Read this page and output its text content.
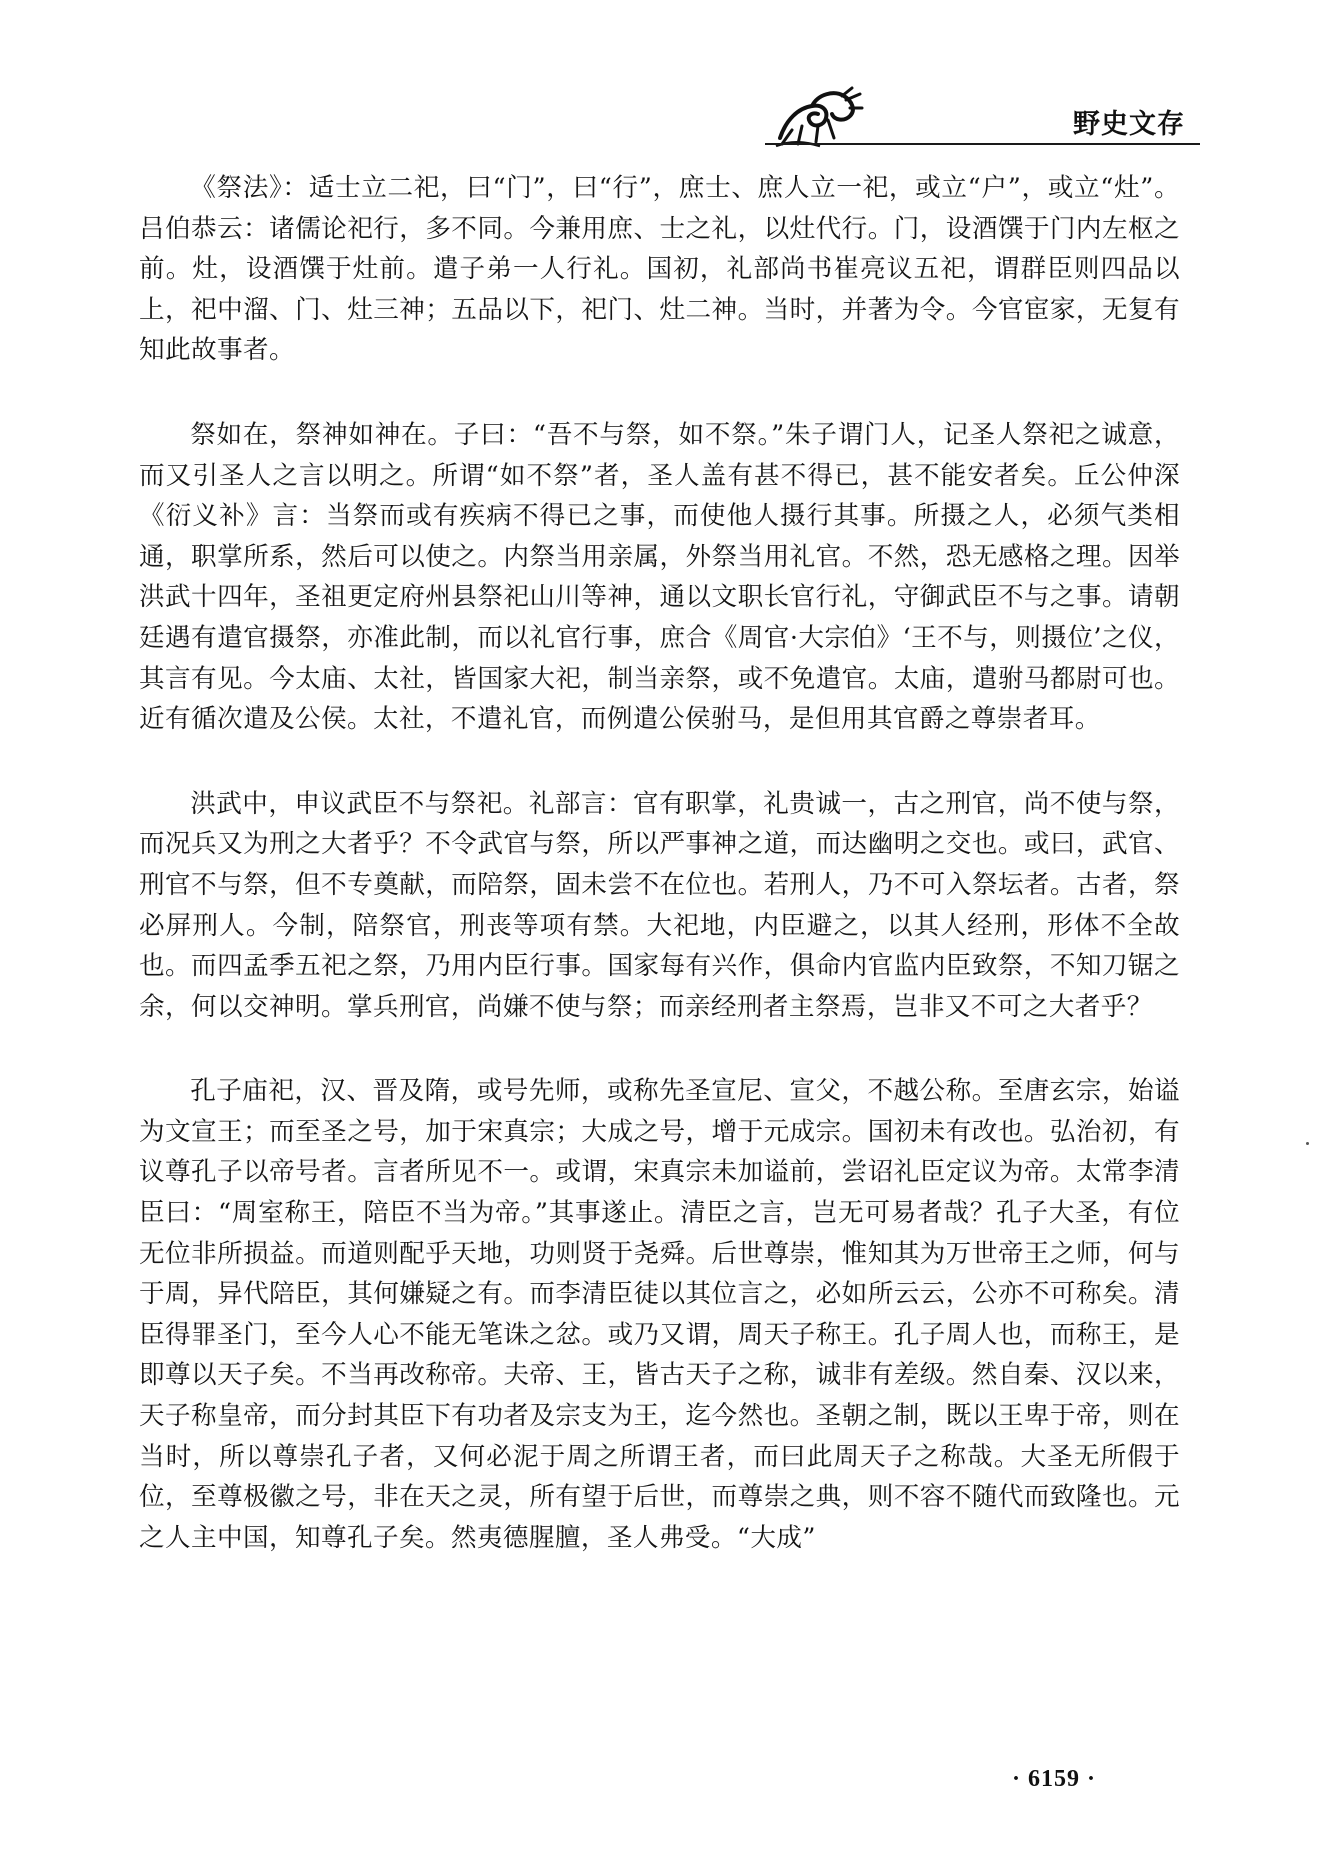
野史文存

《祭法》：适士立二祀，曰“门”，曰“行”，庶士、庶人立一祀，或立“户”，或立“灶”。吕伯恭云：诸儒论祀行，多不同。今兼用庶、士之礼，以灶代行。门，设酒馔于门内左枢之前。灶，设酒馔于灶前。遣子弟一人行礼。国初，礼部尚书崔亮议五祀，谓群臣则四品以上，祀中溜、门、灶三神；五品以下，祀门、灶二神。当时，并著为令。今官宦家，无复有知此故事者。

祭如在，祭神如神在。子曰：“吾不与祭，如不祭。”朱子谓门人，记圣人祭祀之诚意，而又引圣人之言以明之。所谓“如不祭”者，圣人盖有甚不得已，甚不能安者矣。丘公仲深《衍义补》言：当祭而或有疾病不得已之事，而使他人摄行其事。所摄之人，必须气类相通，职掌所系，然后可以使之。内祭当用亲属，外祭当用礼官。不然，恐无感格之理。因举洪武十四年，圣祖更定府州县祭祀山川等神，通以文职长官行礼，守御武臣不与之事。请朝廷遇有遣官摄祭，亦准此制，而以礼官行事，庶合《周官·大宗伯》‘王不与，则摄位’之仪，其言有见。今太庙、太社，皆国家大祀，制当亲祭，或不免遣官。太庙，遣驸马都尉可也。近有循次遣及公侯。太社，不遣礼官，而例遣公侯驸马，是但用其官爵之尊崇者耳。

洪武中，申议武臣不与祭祀。礼部言：官有职掌，礼贵诚一，古之刑官，尚不使与祭，而况兵又为刑之大者乎？不令武官与祭，所以严事神之道，而达幽明之交也。或曰，武官、刑官不与祭，但不专奠献，而陪祭，固未尝不在位也。若刑人，乃不可入祭坛者。古者，祭必屏刑人。今制，陪祭官，刑丧等项有禁。大祀地，内臣避之，以其人经刑，形体不全故也。而四孟季五祀之祭，乃用内臣行事。国家每有兴作，俱命内官监内臣致祭，不知刀锯之余，何以交神明。掌兵刑官，尚嫌不使与祭；而亲经刑者主祭焉，岂非又不可之大者乎？

孔子庙祀，汉、晋及隋，或号先师，或称先圣宣尼、宣父，不越公称。至唐玄宗，始谥为文宣王；而至圣之号，加于宋真宗；大成之号，增于元成宗。国初未有改也。弘治初，有议尊孔子以帝号者。言者所见不一。或谓，宋真宗未加谥前，尝诏礼臣定议为帝。太常李清臣曰：“周室称王，陪臣不当为帝。”其事遂止。清臣之言，岂无可易者哉？孔子大圣，有位无位非所损益。而道则配乎天地，功则贤于尧舜。后世尊崇，惟知其为万世帝王之师，何与于周，异代陪臣，其何嫌疑之有。而李清臣徒以其位言之，必如所云云，公亦不可称矣。清臣得罪圣门，至今人心不能无笔诛之忿。或乃又谓，周天子称王。孔子周人也，而称王，是即尊以天子矣。不当再改称帝。夫帝、王，皆古天子之称，诚非有差级。然自秦、汉以来，天子称皇帝，而分封其臣下有功者及宗支为王，迄今然也。圣朝之制，既以王卑于帝，则在当时，所以尊崇孔子者，又何必泥于周之所谓王者，而曰此周天子之称哉。大圣无所假于位，至尊极徽之号，非在天之灵，所有望于后世，而尊崇之典，则不容不随代而致隆也。元之人主中国，知尊孔子矣。然夷德腥膻，圣人弗受。“大成”

· 6159 ·
